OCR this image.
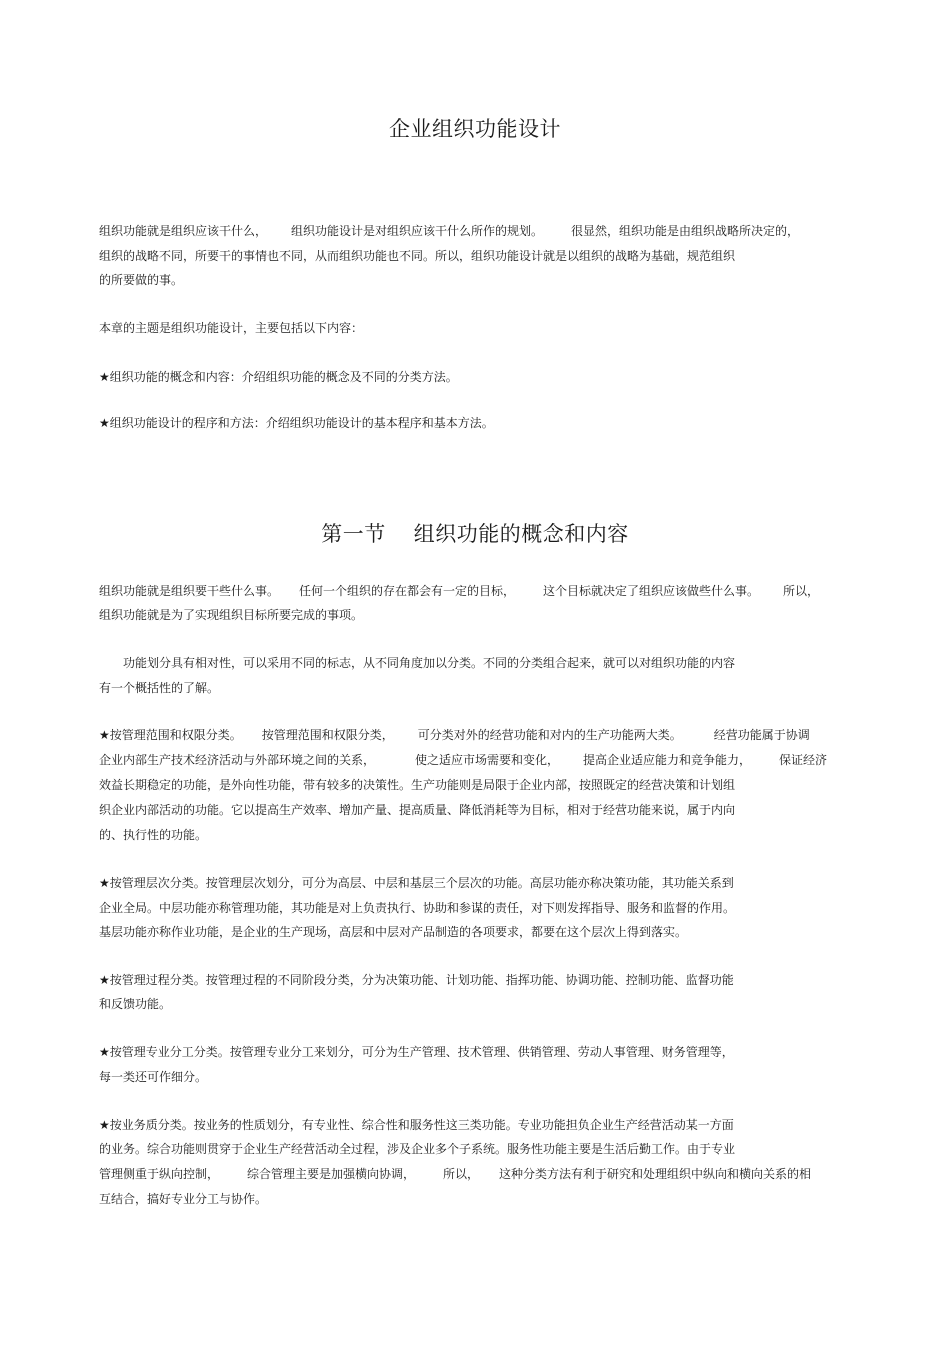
企业组织功能设计

组织功能就是组织应该干什么， 组织功能设计是对组织应该干什么所作的规划。 很显然，组织功能是由组织战略所决定的，

组织的战略不同，所要干的事情也不同，从而组织功能也不同。所以，组织功能设计就是以组织的战略为基础，规范组织

的所要做的事。

本章的主题是组织功能设计，主要包括以下内容：

★组织功能的概念和内容：介绍组织功能的概念及不同的分类方法。

★组织功能设计的程序和方法：介绍组织功能设计的基本程序和基本方法。

第一节 组织功能的概念和内容

组织功能就是组织要干些什么事。 任何一个组织的存在都会有一定的目标， 这个目标就决定了组织应该做些什么事。 所以，

组织功能就是为了实现组织目标所要完成的事项。

功能划分具有相对性，可以采用不同的标志，从不同角度加以分类。不同的分类组合起来，就可以对组织功能的内容

有一个概括性的了解。

★按管理范围和权限分类。 按管理范围和权限分类， 可分类对外的经营功能和对内的生产功能两大类。	经营功能属于协调

企业内部生产技术经济活动与外部环境之间的关系，	使之适应市场需要和变化， 提高企业适应能力和竞争能力， 保证经济

效益长期稳定的功能，是外向性功能，带有较多的决策性。生产功能则是局限于企业内部，按照既定的经营决策和计划组

织企业内部活动的功能。它以提高生产效率、增加产量、提高质量、降低消耗等为目标，相对于经营功能来说，属于内向

的、执行性的功能。

★按管理层次分类。按管理层次划分，可分为高层、中层和基层三个层次的功能。高层功能亦称决策功能，其功能关系到

企业全局。中层功能亦称管理功能，其功能是对上负责执行、协助和参谋的责任，对下则发挥指导、服务和监督的作用。

基层功能亦称作业功能，是企业的生产现场，高层和中层对产品制造的各项要求，都要在这个层次上得到落实。

★按管理过程分类。按管理过程的不同阶段分类，分为决策功能、计划功能、指挥功能、协调功能、控制功能、监督功能

和反馈功能。

★按管理专业分工分类。按管理专业分工来划分，可分为生产管理、技术管理、供销管理、劳动人事管理、财务管理等，

每一类还可作细分。

★按业务质分类。按业务的性质划分，有专业性、综合性和服务性这三类功能。专业功能担负企业生产经营活动某一方面

的业务。综合功能则贯穿于企业生产经营活动全过程，涉及企业多个子系统。服务性功能主要是生活后勤工作。由于专业

管理侧重于纵向控制， 综合管理主要是加强横向协调， 所以， 这种分类方法有利于研究和处理组织中纵向和横向关系的相

互结合，搞好专业分工与协作。
